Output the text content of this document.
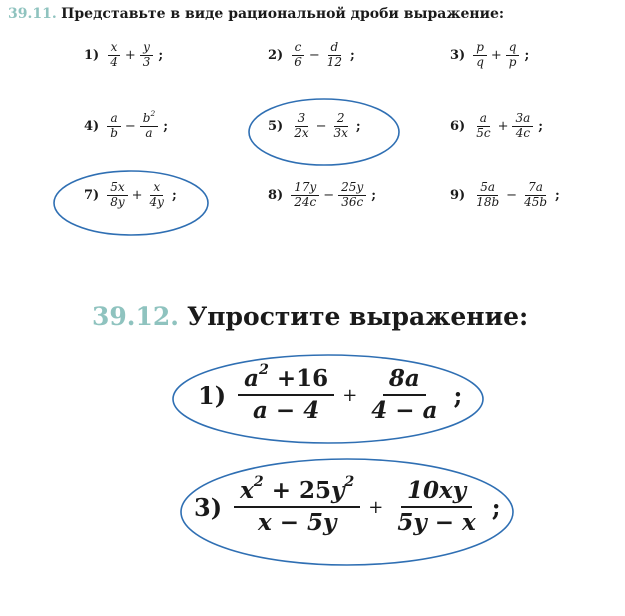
39.11. Представьте в виде рациональной дроби выражение:
$1) \frac{x}{4} + \frac{y}{3}$ ;	$2) \frac{c}{6} - \frac{d}{12}$ ;	$3) \frac{p}{q} + \frac{q}{p}$ ;
$4) \frac{a}{b} - \frac{b^2}{a}$ ;	$5) \frac{3}{2x} - \frac{2}{3x}$ ;	$6) \frac{a}{5c} + \frac{3a}{4c}$ ;
$7) \frac{5x}{8y} + \frac{x}{4y}$ ;	$8) \frac{17y}{24c} - \frac{25y}{36c}$ ;	$9) \frac{5a}{18b} - \frac{7a}{45b}$ ;
39.12. Упростите выражение:
$1) \frac{a^2 +16}{a - 4} + \frac{8a}{4 - a}$ ;
$3) \frac{x^2 + 25y^2}{x - 5y} + \frac{10xy}{5y - x}$ ;
